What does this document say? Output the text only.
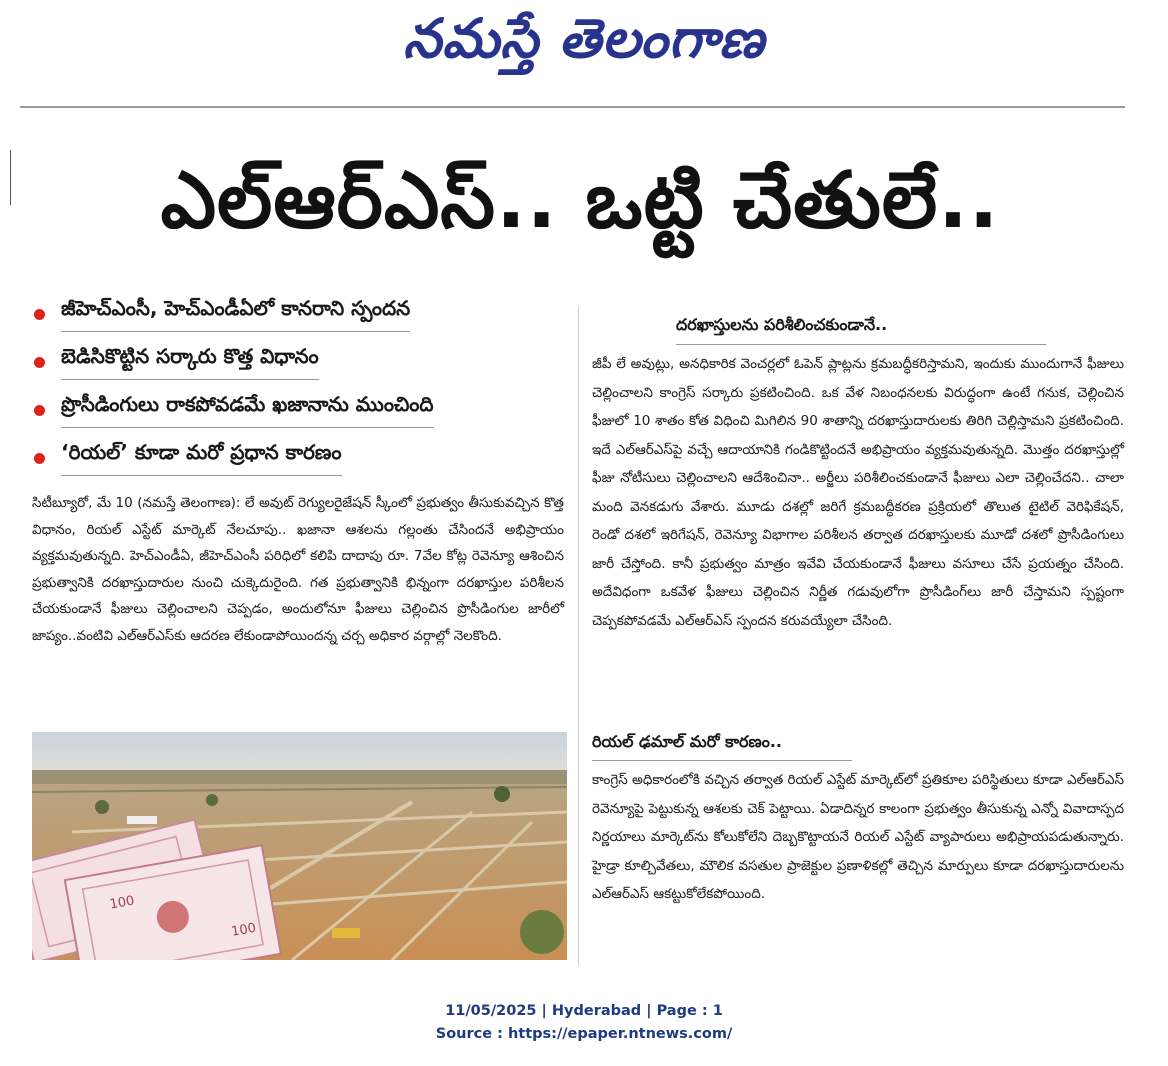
నమస్తే తెలంగాణ
ఎల్‌ఆర్‌ఎస్‌.. ఒట్టి చేతులే..
జీహెచ్‌ఎంసీ, హెచ్‌ఎండీఏలో కానరాని స్పందన
బెడిసికొట్టిన సర్కారు కొత్త విధానం
ప్రొసీడింగులు రాకపోవడమే ఖజానాను ముంచింది
‘రియల్‌’ కూడా మరో ప్రధాన కారణం
సిటీబ్యూరో, మే 10 (నమస్తే తెలంగాణ): లే అవుట్‌ రెగ్యులరైజేషన్‌ స్కీంలో ప్రభుత్వం తీసుకువచ్చిన కొత్త విధానం, రియల్‌ ఎస్టేట్‌ మార్కెట్‌ నేలచూపు.. ఖజానా ఆశలను గల్లంతు చేసిందనే అభిప్రాయం వ్యక్తమవుతున్నది. హెచ్‌ఎండీఏ, జీహెచ్‌ఎంసీ పరిధిలో కలిపి దాదాపు రూ. 7వేల కోట్ల రెవెన్యూ ఆశించిన ప్రభుత్వానికి దరఖాస్తుదారుల నుంచి చుక్కెదురైంది. గత ప్రభుత్వానికి భిన్నంగా దరఖాస్తుల పరిశీలన చేయకుండానే ఫీజులు చెల్లించాలని చెప్పడం, అందులోనూ ఫీజులు చెల్లించిన ప్రొసీడింగుల జారీలో జాప్యం..వంటివి ఎల్‌ఆర్‌ఎస్‌కు ఆదరణ లేకుండాపోయిందన్న చర్చ అధికార వర్గాల్లో నెలకొంది.
100
100
దరఖాస్తులను పరిశీలించకుండానే..
జీపీ లే అవుట్లు, అనధికారిక వెంచర్లలో ఓపెన్‌ ప్లాట్లను క్రమబద్ధీకరిస్తామని, ఇందుకు ముందుగానే ఫీజులు చెల్లించాలని కాంగ్రెస్‌ సర్కారు ప్రకటించింది. ఒక వేళ నిబంధనలకు విరుద్ధంగా ఉంటే గనుక, చెల్లించిన ఫీజులో 10 శాతం కోత విధించి మిగిలిన 90 శాతాన్ని దరఖాస్తుదారులకు తిరిగి చెల్లిస్తామని ప్రకటించింది. ఇదే ఎల్‌ఆర్‌ఎస్‌పై వచ్చే ఆదాయానికి గండికొట్టిందనే అభిప్రాయం వ్యక్తమవుతున్నది. మొత్తం దరఖాస్తుల్లో ఫీజు నోటీసులు చెల్లించాలని ఆదేశించినా.. అర్జీలు పరిశీలించకుండానే ఫీజులు ఎలా చెల్లించేదని.. చాలా మంది వెనకడుగు వేశారు. మూడు దశల్లో జరిగే క్రమబద్ధీకరణ ప్రక్రియలో తొలుత టైటిల్‌ వెరిఫికేషన్‌, రెండో దశలో ఇరిగేషన్‌, రెవెన్యూ విభాగాల పరిశీలన తర్వాత దరఖాస్తులకు మూడో దశలో ప్రొసీడింగులు జారీ చేస్తోంది. కానీ ప్రభుత్వం మాత్రం ఇవేవి చేయకుండానే ఫీజులు వసూలు చేసే ప్రయత్నం చేసింది. అదేవిధంగా ఒకవేళ ఫీజులు చెల్లించిన నిర్ణీత గడువులోగా ప్రొసీడింగ్‌లు జారీ చేస్తామని స్పష్టంగా చెప్పకపోవడమే ఎల్‌ఆర్‌ఎస్‌ స్పందన కరువయ్యేలా చేసింది.
రియల్‌ ఢమాల్‌ మరో కారణం..
కాంగ్రెస్‌ అధికారంలోకి వచ్చిన తర్వాత రియల్‌ ఎస్టేట్‌ మార్కెట్‌లో ప్రతికూల పరిస్థితులు కూడా ఎల్‌ఆర్‌ఎస్‌ రెవెన్యూపై పెట్టుకున్న ఆశలకు చెక్‌ పెట్టాయి. ఏడాదిన్నర కాలంగా ప్రభుత్వం తీసుకున్న ఎన్నో వివాదాస్పద నిర్ణయాలు మార్కెట్‌ను కోలుకోలేని దెబ్బకొట్టాయనే రియల్‌ ఎస్టేట్‌ వ్యాపారులు అభిప్రాయపడుతున్నారు. హైడ్రా కూల్చివేతలు, మౌలిక వసతుల ప్రాజెక్టుల ప్రణాళికల్లో తెచ్చిన మార్పులు కూడా దరఖాస్తుదారులను ఎల్‌ఆర్‌ఎస్‌ ఆకట్టుకోలేకపోయింది.
11/05/2025 | Hyderabad | Page : 1
Source : https://epaper.ntnews.com/
